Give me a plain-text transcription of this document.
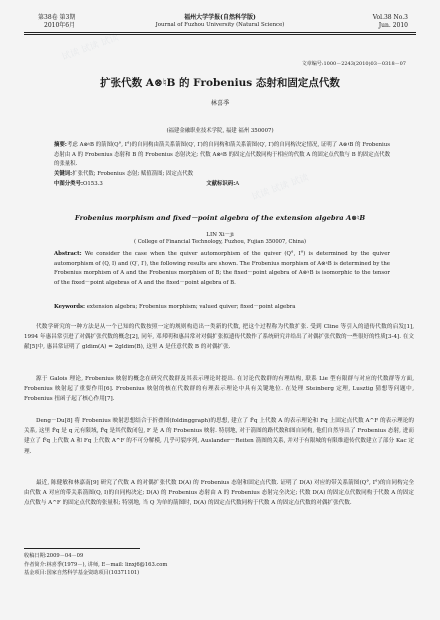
试读 试读 试读
试读 试读 试读
试读 试读 试读
第38卷 第3期
2010年6月
福州大学学报(自然科学版)
Journal of Fuzhou University (Natural Science)
Vol.38 No.3
Jun. 2010
文章编号:1000－2243(2010)03－0318－07
扩张代数 A⊗♮B 的 Frobenius 态射和固定点代数
林喜季
(福建金融职业技术学院, 福建 福州 350007)
摘要:考虑 A⊗♮B 的箭图(Q°, I°)的自同构由箭关系箭图(Q′, I′)的自同构和箭关系箭图(Q′, I′)的自同构决定情况, 证明了 A⊗♮B 的 Frobenius 态射由 A 的 Frobenius 态射和 B 的 Frobenius 态射决定; 代数 A⊗♮B 的固定点代数同构于相应的代数 A 的固定点代数与 B 的固定点代数的张量积.
关键词:扩张代数; Frobenius 态射; 赋值箭图; 固定点代数
中图分类号:O153.3	文献标识码:A
Frobenius morphism and fixed－point algebra of the extension algebra A⊗♮B
LIN Xi－ji
( College of Financial Technology, Fuzhou, Fujian 350007, China)
Abstract: We consider the case when the quiver automorphism of the quiver (Q°, I°) is determined by the quiver automorphism of (Q, I) and (Q′, I′), the following results are shown. The Frobenius morphism of A⊗♮B is determined by the Frobenius morphism of A and the Frobenius morphism of B; the fixed－point algebra of A⊗♮B is isomorphic to the tensor of the fixed－point algebras of A and the fixed－point algebra of B.
Keywords: extension algebra; Frobenius morphism; valued quiver; fixed－point algebra
代数学研究的一种方法是从一个已知的代数按照一定的规则构造出一类新的代数, 把这个过程称为代数扩张. 受到 Cline 等引入的遗传代数的启发[1], 1994 年惠昌常引进了对偶扩张代数的概念[2], 同年, 邓邦明和惠昌常对对偶扩张拟遗传代数作了系统研究并给出了对偶扩张代数的一些很好的性质[3-4]. 在文献[5]中, 惠昌常证明了 gldim(A) = 2gldim(B), 这里 A 是任意代数 B 的对偶扩张.
源于 Galois 理论, Frobenius 映射的概念在研究代数群及其表示理论时提出. 在讨论代数群的有理结构, 联系 Lie 型有限群与对应的代数群等方面, Frobenius 映射起了重要作用[6]. Frobenius 映射的核在代数群的有理表示理论中具有关键地位. 在处理 Steinberg 定理, Lusztig 猜想等问题中, Frobenius 扭函子起了核心作用[7].
Deng－Du[8] 将 Frobenius 映射思想结合于折叠图(foldinggraph)的思想, 建立了 F̄q 上代数 A 的表示理论和 Fq 上固定点代数 A^F 的表示理论的关系, 这里 F̄q 是 q 元有限域, F̄q 是其代数闭包, F 是 A 的 Frobenius 映射. 特别地, 对于箭图的路代数和图自同构, 他们自然导出了 Frobenius 态射, 进而建立了 F̄q 上代数 A 和 Fq 上代数 A^F 的不可分解模, 几乎可裂序列, Auslander－Reiten 箭图的关系, 并对于有限城的有限维遗传代数建立了部分 Kac 定理.
最近, 陈健敏和林嘉南[9] 研究了代数 A 的对偶扩张代数 D(A) 的 Frobenius 态射和固定点代数. 证明了 D(A) 对应的带关系箭图(Q°, I°)的自同构完全由代数 A 对应的带关系箭图(Q, I)的自同构决定; D(A) 的 Frobenius 态射由 A 的 Frobenius 态射完全决定; 代数 D(A) 的固定点代数同构于代数 A 的固定点代数与 A^F 的固定点代数的张量积; 特别地, 当 Q 为单的箭图时, D(A) 的固定点代数同构于代数 A 的固定点代数的对偶扩张代数.
收稿日期:2009－04－09
作者简介:林喜季(1979－), 讲师, E－mail: linxj6@163.com
基金项目:国家自然科学基金资助项目(10371101)
